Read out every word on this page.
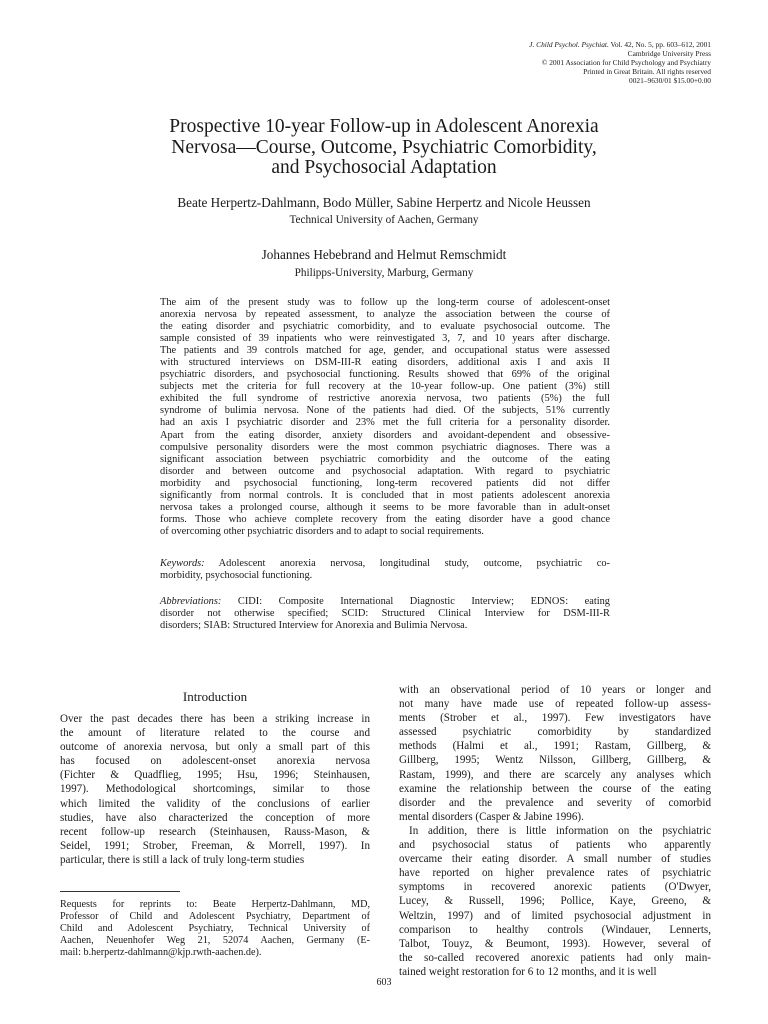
J. Child Psychol. Psychiat. Vol. 42, No. 5, pp. 603–612, 2001
Cambridge University Press
© 2001 Association for Child Psychology and Psychiatry
Printed in Great Britain. All rights reserved
0021–9630/01 $15.00+0.00
Prospective 10-year Follow-up in Adolescent Anorexia
Nervosa—Course, Outcome, Psychiatric Comorbidity,
and Psychosocial Adaptation
Beate Herpertz-Dahlmann, Bodo Müller, Sabine Herpertz and Nicole Heussen
Technical University of Aachen, Germany
Johannes Hebebrand and Helmut Remschmidt
Philipps-University, Marburg, Germany
The aim of the present study was to follow up the long-term course of adolescent-onset
anorexia nervosa by repeated assessment, to analyze the association between the course of
the eating disorder and psychiatric comorbidity, and to evaluate psychosocial outcome. The
sample consisted of 39 inpatients who were reinvestigated 3, 7, and 10 years after discharge.
The patients and 39 controls matched for age, gender, and occupational status were assessed
with structured interviews on DSM-III-R eating disorders, additional axis I and axis II
psychiatric disorders, and psychosocial functioning. Results showed that 69% of the original
subjects met the criteria for full recovery at the 10-year follow-up. One patient (3%) still
exhibited the full syndrome of restrictive anorexia nervosa, two patients (5%) the full
syndrome of bulimia nervosa. None of the patients had died. Of the subjects, 51% currently
had an axis I psychiatric disorder and 23% met the full criteria for a personality disorder.
Apart from the eating disorder, anxiety disorders and avoidant-dependent and obsessive-
compulsive personality disorders were the most common psychiatric diagnoses. There was a
significant association between psychiatric comorbidity and the outcome of the eating
disorder and between outcome and psychosocial adaptation. With regard to psychiatric
morbidity and psychosocial functioning, long-term recovered patients did not differ
significantly from normal controls. It is concluded that in most patients adolescent anorexia
nervosa takes a prolonged course, although it seems to be more favorable than in adult-onset
forms. Those who achieve complete recovery from the eating disorder have a good chance
of overcoming other psychiatric disorders and to adapt to social requirements.
Keywords: Adolescent anorexia nervosa, longitudinal study, outcome, psychiatric co-
morbidity, psychosocial functioning.
Abbreviations: CIDI: Composite International Diagnostic Interview; EDNOS: eating
disorder not otherwise specified; SCID: Structured Clinical Interview for DSM-III-R
disorders; SIAB: Structured Interview for Anorexia and Bulimia Nervosa.
Introduction
Over the past decades there has been a striking increase in
the amount of literature related to the course and
outcome of anorexia nervosa, but only a small part of this
has focused on adolescent-onset anorexia nervosa
(Fichter & Quadflieg, 1995; Hsu, 1996; Steinhausen,
1997). Methodological shortcomings, similar to those
which limited the validity of the conclusions of earlier
studies, have also characterized the conception of more
recent follow-up research (Steinhausen, Rauss-Mason, &
Seidel, 1991; Strober, Freeman, & Morrell, 1997). In
particular, there is still a lack of truly long-term studies
with an observational period of 10 years or longer and
not many have made use of repeated follow-up assess-
ments (Strober et al., 1997). Few investigators have
assessed psychiatric comorbidity by standardized
methods (Halmi et al., 1991; Rastam, Gillberg, &
Gillberg, 1995; Wentz Nilsson, Gillberg, Gillberg, &
Rastam, 1999), and there are scarcely any analyses which
examine the relationship between the course of the eating
disorder and the prevalence and severity of comorbid
mental disorders (Casper & Jabine 1996).
In addition, there is little information on the psychiatric
and psychosocial status of patients who apparently
overcame their eating disorder. A small number of studies
have reported on higher prevalence rates of psychiatric
symptoms in recovered anorexic patients (O'Dwyer,
Lucey, & Russell, 1996; Pollice, Kaye, Greeno, &
Weltzin, 1997) and of limited psychosocial adjustment in
comparison to healthy controls (Windauer, Lennerts,
Talbot, Touyz, & Beumont, 1993). However, several of
the so-called recovered anorexic patients had only main-
tained weight restoration for 6 to 12 months, and it is well
Requests for reprints to: Beate Herpertz-Dahlmann, MD,
Professor of Child and Adolescent Psychiatry, Department of
Child and Adolescent Psychiatry, Technical University of
Aachen, Neuenhofer Weg 21, 52074 Aachen, Germany (E-
mail: b.herpertz-dahlmann@kjp.rwth-aachen.de).
603
